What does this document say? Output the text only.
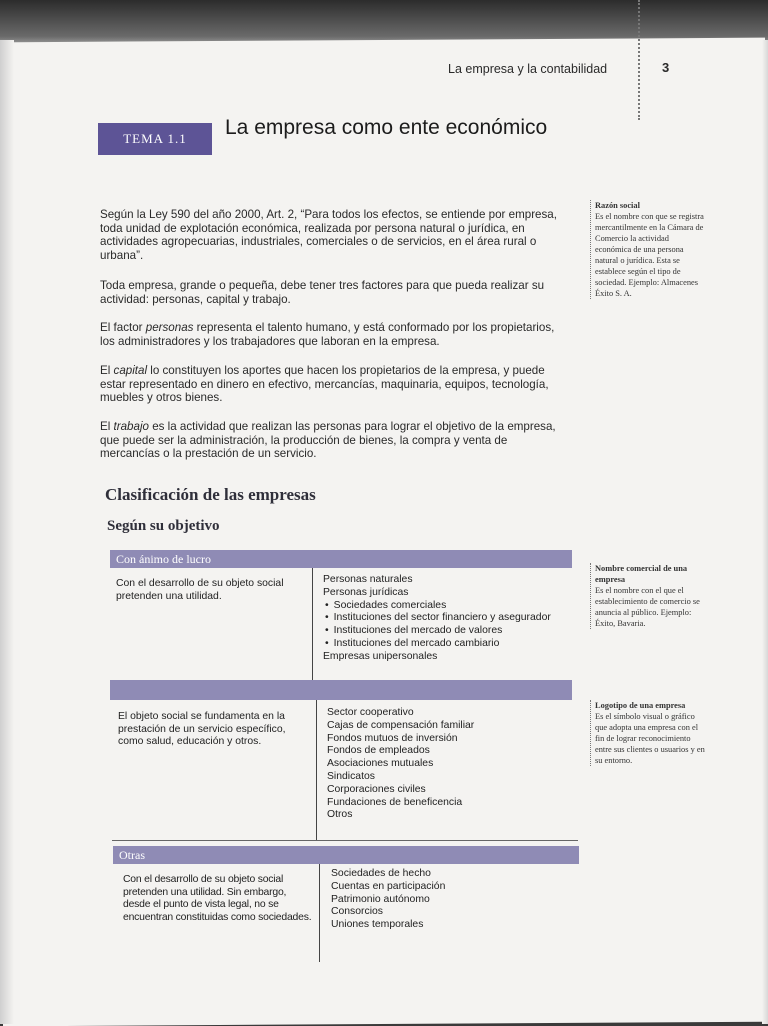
La empresa y la contabilidad	3
TEMA 1.1	La empresa como ente económico
Según la Ley 590 del año 2000, Art. 2, “Para todos los efectos, se entiende por empresa, toda unidad de explotación económica, realizada por persona natural o jurídica, en actividades agropecuarias, industriales, comerciales o de servicios, en el área rural o urbana”.
Toda empresa, grande o pequeña, debe tener tres factores para que pueda realizar su actividad: personas, capital y trabajo.
El factor personas representa el talento humano, y está conformado por los propietarios, los administradores y los trabajadores que laboran en la empresa.
El capital lo constituyen los aportes que hacen los propietarios de la empresa, y puede estar representado en dinero en efectivo, mercancías, maquinaria, equipos, tecnología, muebles y otros bienes.
El trabajo es la actividad que realizan las personas para lograr el objetivo de la empresa, que puede ser la administración, la producción de bienes, la compra y venta de mercancías o la prestación de un servicio.
Razón social
Es el nombre con que se registra mercantilmente en la Cámara de Comercio la actividad económica de una persona natural o jurídica. Esta se establece según el tipo de sociedad. Ejemplo: Almacenes Éxito S. A.
Nombre comercial de una empresa
Es el nombre con el que el establecimiento de comercio se anuncia al público. Ejemplo: Éxito, Bavaria.
Logotipo de una empresa
Es el símbolo visual o gráfico que adopta una empresa con el fin de lograr reconocimiento entre sus clientes o usuarios y en su entorno.
Clasificación de las empresas
Según su objetivo
Con ánimo de lucro
Con el desarrollo de su objeto social pretenden una utilidad.
Personas naturales
Personas jurídicas
• Sociedades comerciales
• Instituciones del sector financiero y asegurador
• Instituciones del mercado de valores
• Instituciones del mercado cambiario
Empresas unipersonales
El objeto social se fundamenta en la prestación de un servicio específico, como salud, educación y otros.
Sector cooperativo
Cajas de compensación familiar
Fondos mutuos de inversión
Fondos de empleados
Asociaciones mutuales
Sindicatos
Corporaciones civiles
Fundaciones de beneficencia
Otros
Otras
Con el desarrollo de su objeto social pretenden una utilidad. Sin embargo, desde el punto de vista legal, no se encuentran constituidas como sociedades.
Sociedades de hecho
Cuentas en participación
Patrimonio autónomo
Consorcios
Uniones temporales
